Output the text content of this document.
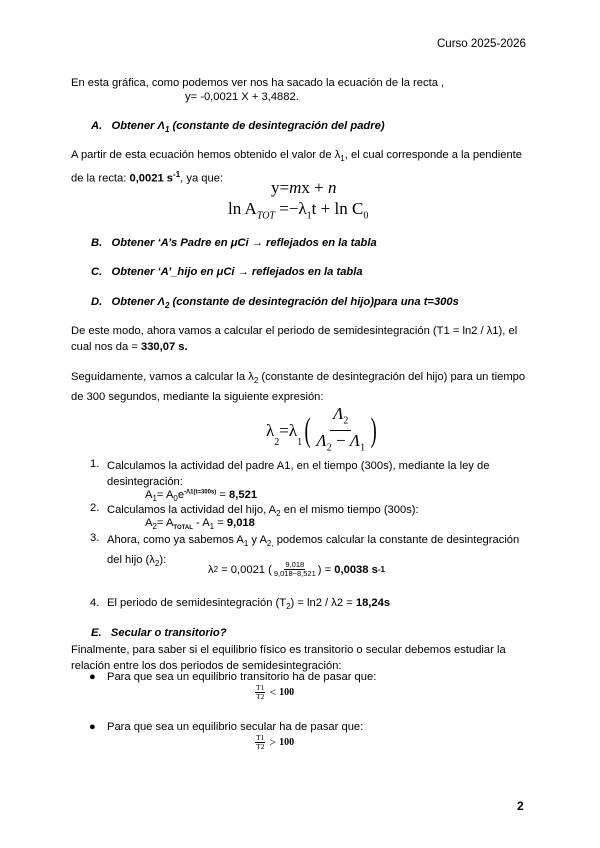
Curso 2025-2026

En esta gráfica, como podemos ver nos ha sacado la ecuación de la recta ,

y= -0,0021 X + 3,4882.
A. Obtener $\Lambda_1$ (constante de desintegración del padre)

A partir de esta ecuación hemos obtenido el valor de $\lambda_1$, el cual corresponde a la pendiente de la recta: 0,0021 $s^{-1}$, ya que:	y=mx + n
$\ln A_{TOT} =-\lambda_1t + \ln C_0$
B. Obtener ‘A’s Padre en μCi → reflejados en la tabla
C. Obtener ‘A’_hijo en μCi → reflejados en la tabla
D. Obtener $\Lambda_2$ (constante de desintegración del hijo)para una t=300s

De este modo, ahora vamos a calcular el periodo de semidesintegración (T1 = ln2 / λ1), el cual nos da = 330,07 s.

Seguidamente, vamos a calcular la $\lambda_2$ (constante de desintegración del hijo) para un tiempo de 300 segundos, mediante la siguiente expresión:

λ
$_2$
= λ
$_1$ ( $\Lambda_2$
$\Lambda_2 - \Lambda_1$ )
1. Calculamos la actividad del padre A1, en el tiempo (300s), mediante la ley de desintegración:

$A_1= A_0e^{-\Lambda 1(t=300s)} = 8,521$
2. Calculamos la actividad del hijo, $A_2$ en el mismo tiempo (300s):

$A_2= A_{TOTAL} - A_1 = 9,018$
3. Ahora, como ya sabemos $A_1$ y $A_{2,}$ podemos calcular la constante de desintegración del hijo $(\lambda_2)$:

λ 2 = 0,0021 ( $\frac{9,018}{9,018-8,521}$ ) = 0,0038 s -1
4. El periodo de semidesintegración $(T_2) = \ln 2 / \lambda 2 = 18,24s$
E. Secular o transitorio?

Finalmente, para saber si el equilibrio físico es transitorio o secular debemos estudiar la relación entre los dos periodos de semidesintegración:

● Para que sea un equilibrio transitorio ha de pasar que:
$\frac{T1}{T2} < 100$
● Para que sea un equilibrio secular ha de pasar que:
$\frac{T1}{T2} > 100$
2
